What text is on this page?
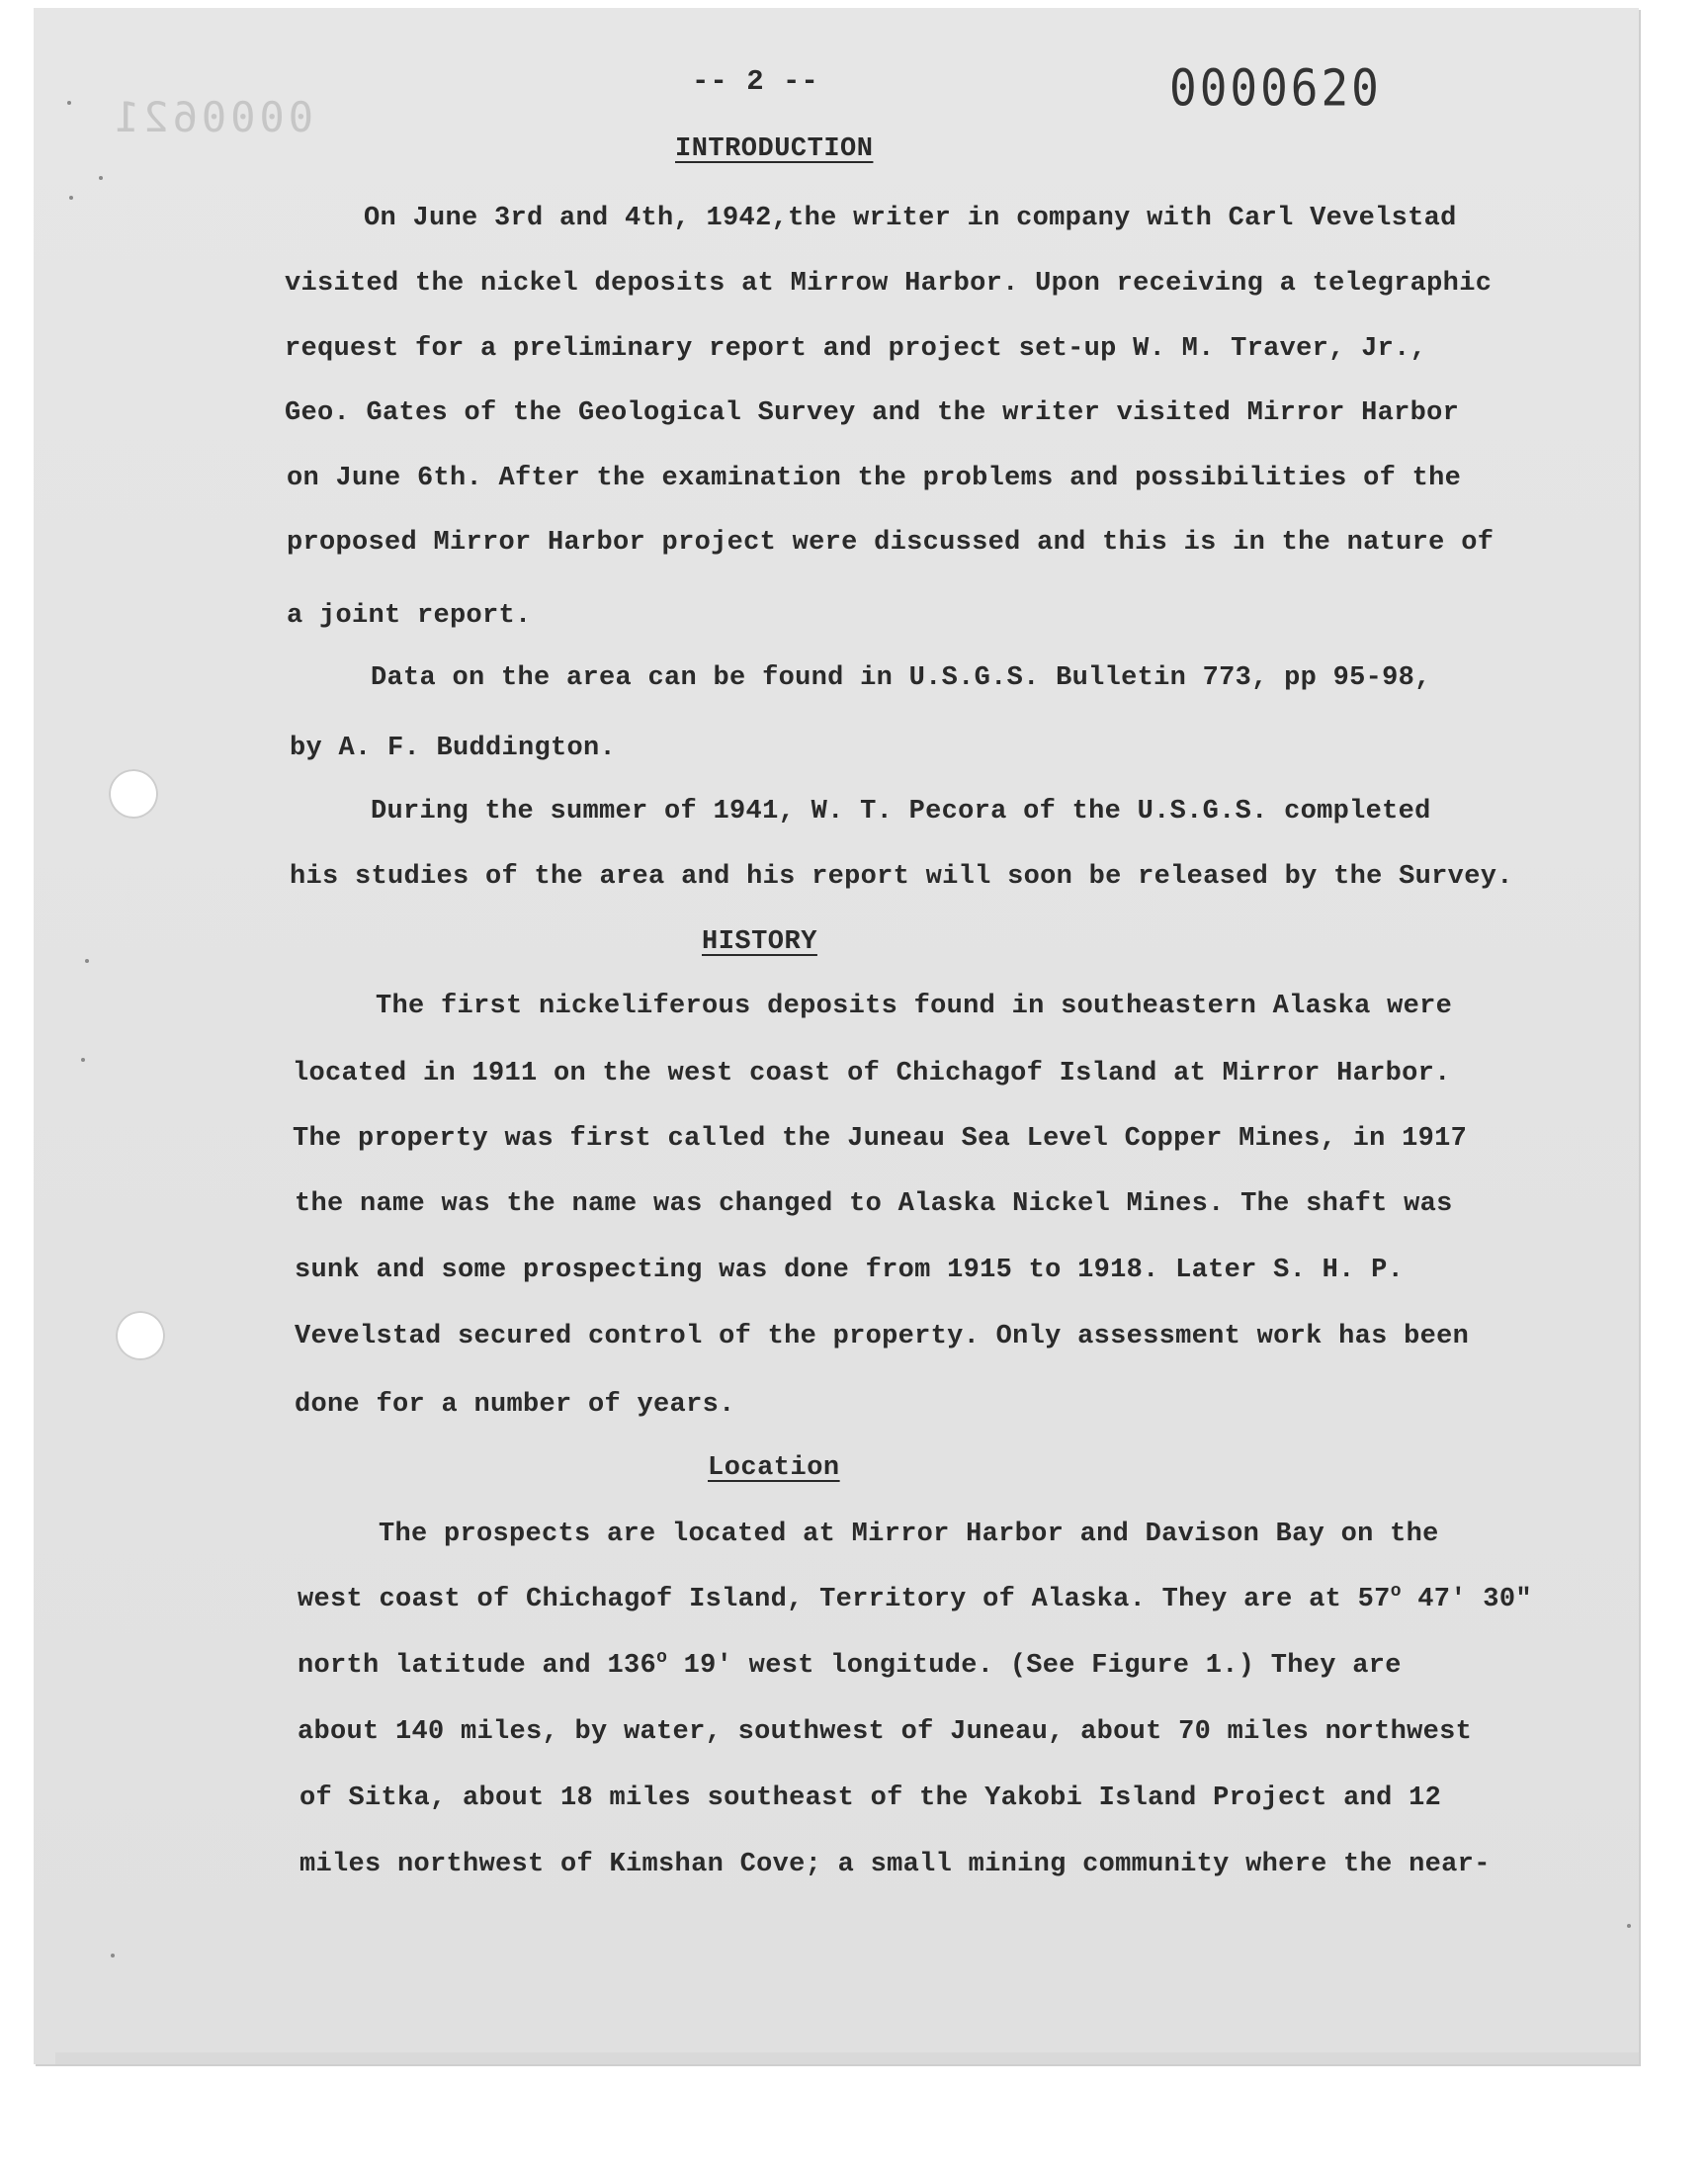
0000621
-- 2 --	0000620
INTRODUCTION
On June 3rd and 4th, 1942,the writer in company with Carl Vevelstad
visited the nickel deposits at Mirrow Harbor. Upon receiving a telegraphic
request for a preliminary report and project set-up W. M. Traver, Jr.,
Geo. Gates of the Geological Survey and the writer visited Mirror Harbor
on June 6th. After the examination the problems and possibilities of the
proposed Mirror Harbor project were discussed and this is in the nature of
a joint report.
Data on the area can be found in U.S.G.S. Bulletin 773, pp 95-98,
by A. F. Buddington.
During the summer of 1941, W. T. Pecora of the U.S.G.S. completed
his studies of the area and his report will soon be released by the Survey.
HISTORY
The first nickeliferous deposits found in southeastern Alaska were
located in 1911 on the west coast of Chichagof Island at Mirror Harbor.
The property was first called the Juneau Sea Level Copper Mines, in 1917
the name was the name was changed to Alaska Nickel Mines. The shaft was
sunk and some prospecting was done from 1915 to 1918. Later S. H. P.
Vevelstad secured control of the property. Only assessment work has been
done for a number of years.
Location
The prospects are located at Mirror Harbor and Davison Bay on the
west coast of Chichagof Island, Territory of Alaska. They are at 57$^o$ 47' 30"
north latitude and 136$^o$ 19' west longitude. (See Figure 1.) They are
about 140 miles, by water, southwest of Juneau, about 70 miles northwest
of Sitka, about 18 miles southeast of the Yakobi Island Project and 12
miles northwest of Kimshan Cove; a small mining community where the near-
